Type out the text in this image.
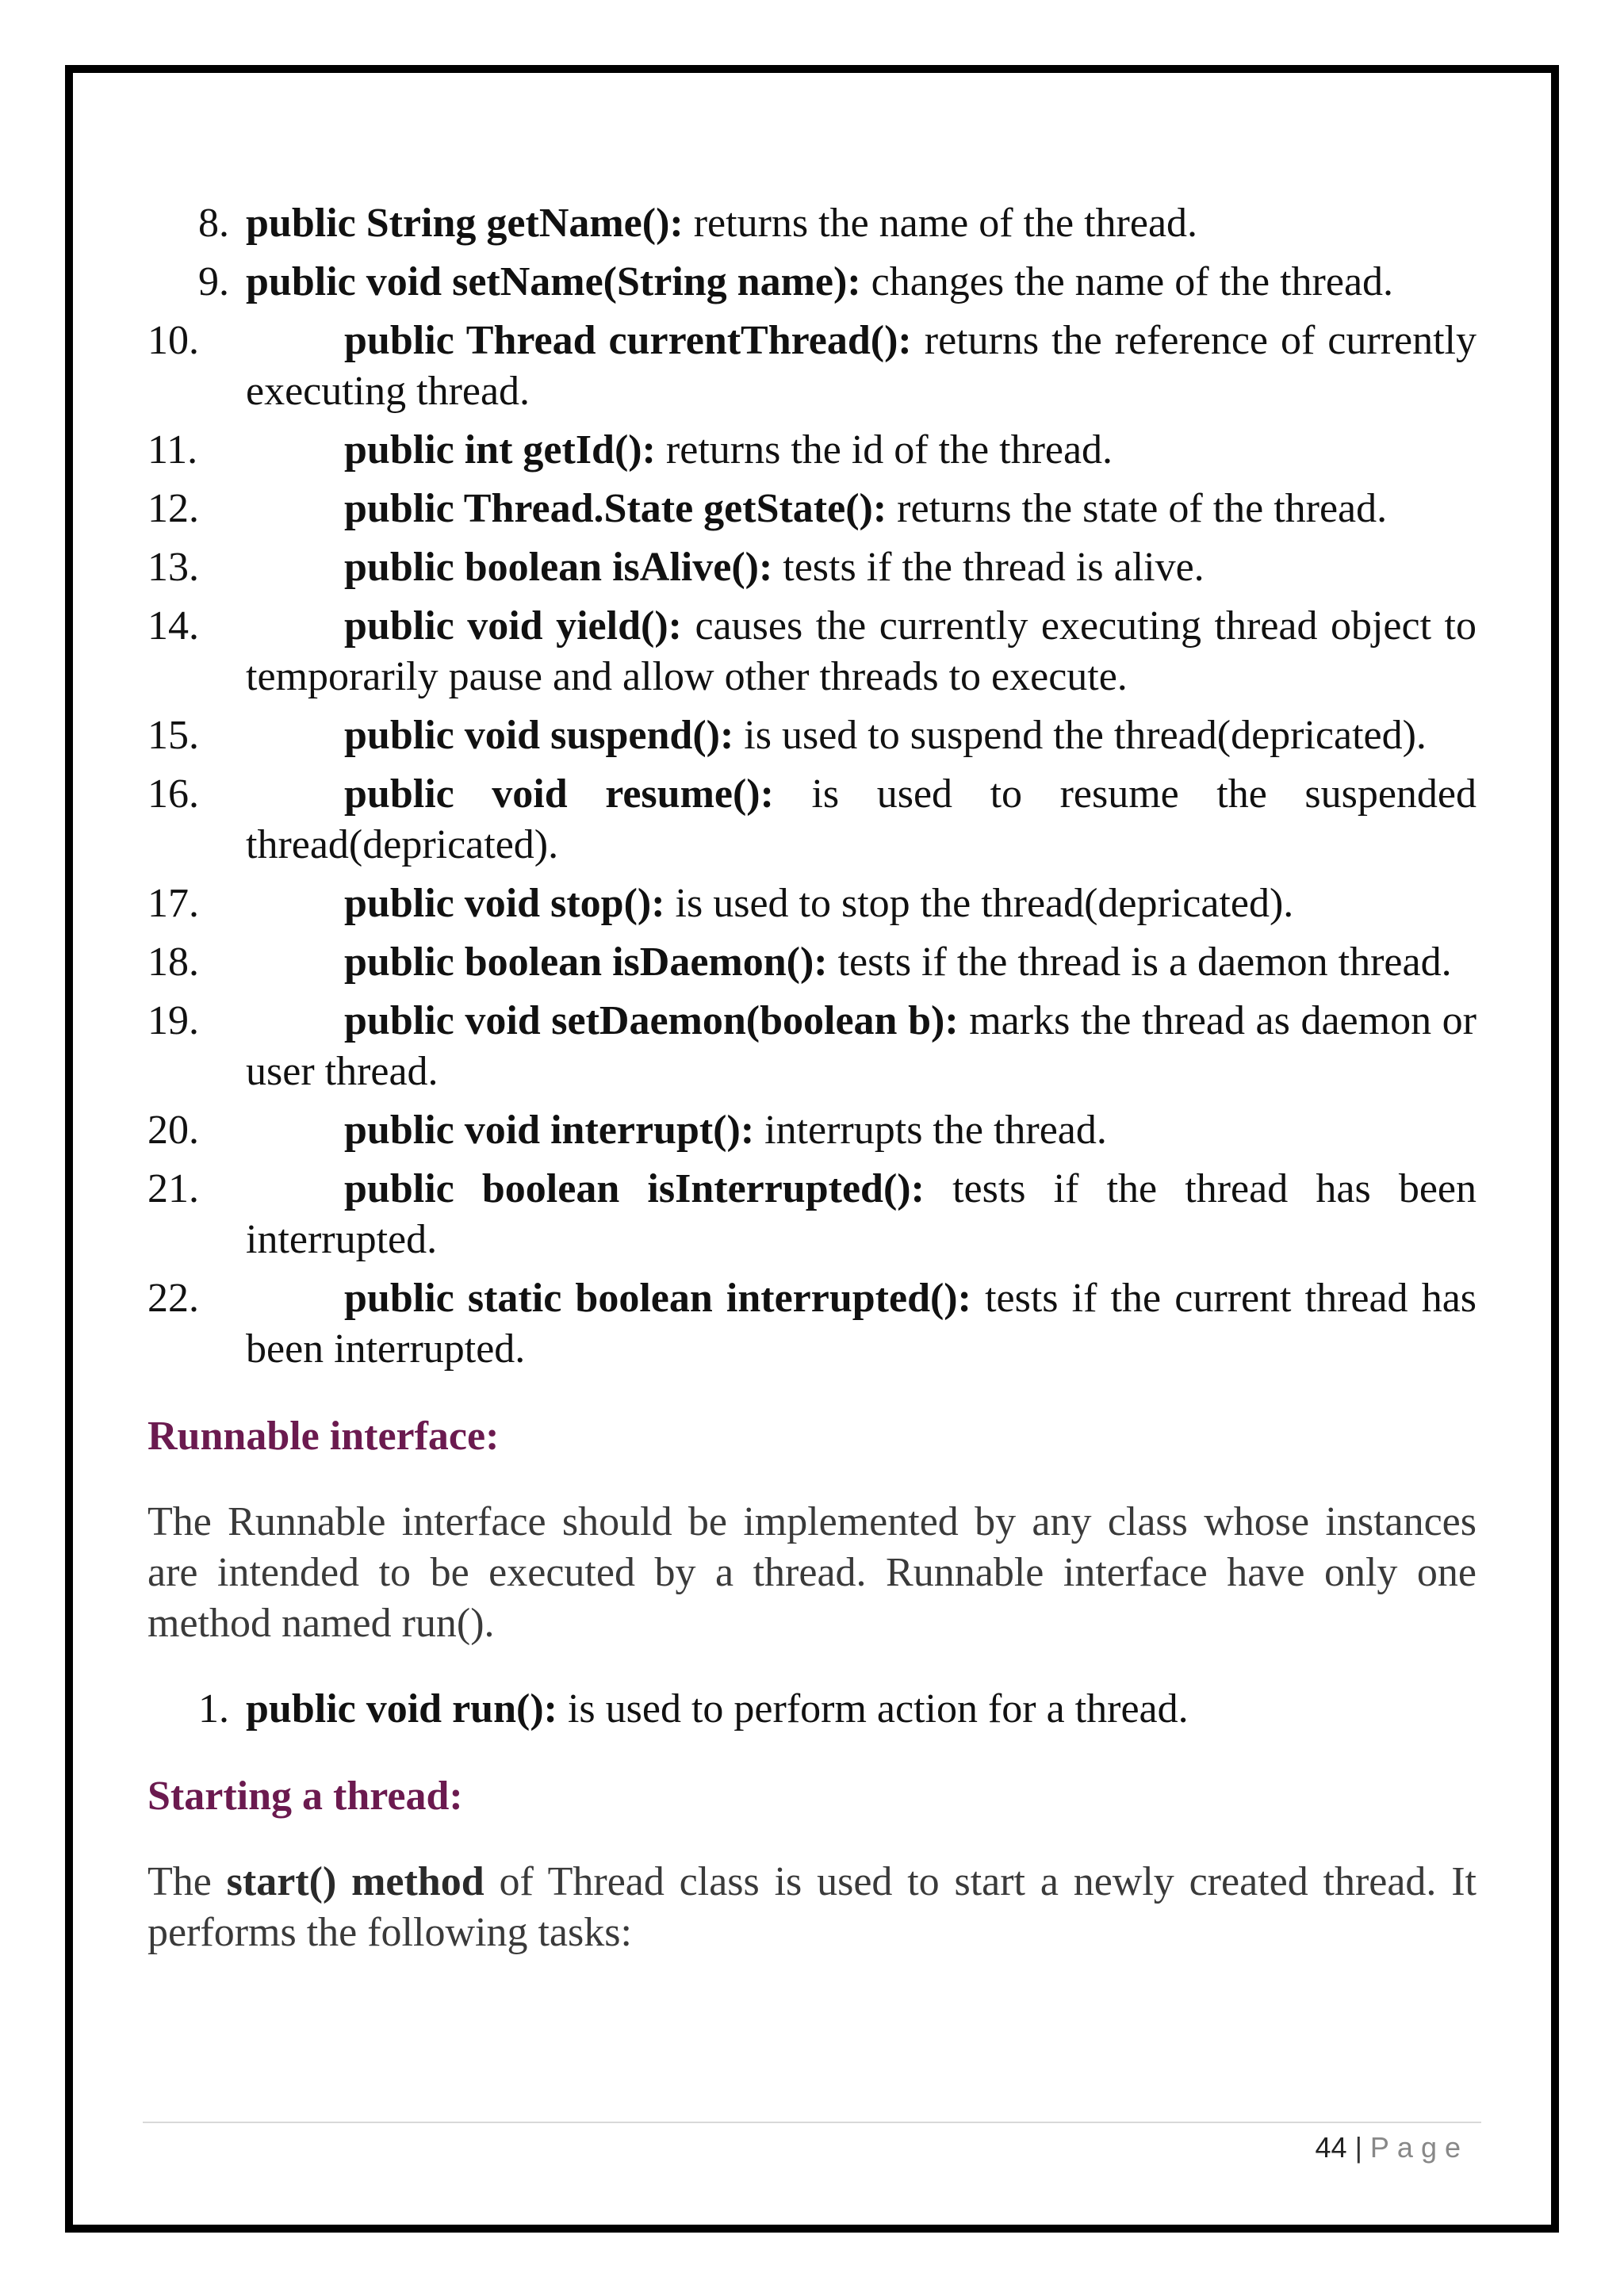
8. public String getName(): returns the name of the thread.
9. public void setName(String name): changes the name of the thread.
10.	public Thread currentThread(): returns the reference of currently executing thread.
11.	public int getId(): returns the id of the thread.
12.	public Thread.State getState(): returns the state of the thread.
13.	public boolean isAlive(): tests if the thread is alive.
14.	public void yield(): causes the currently executing thread object to temporarily pause and allow other threads to execute.
15.	public void suspend(): is used to suspend the thread(depricated).
16.	public void resume(): is used to resume the suspended thread(depricated).
17.	public void stop(): is used to stop the thread(depricated).
18.	public boolean isDaemon(): tests if the thread is a daemon thread.
19.	public void setDaemon(boolean b): marks the thread as daemon or user thread.
20.	public void interrupt(): interrupts the thread.
21.	public boolean isInterrupted(): tests if the thread has been interrupted.
22.	public static boolean interrupted(): tests if the current thread has been interrupted.
Runnable interface:

The Runnable interface should be implemented by any class whose instances are intended to be executed by a thread. Runnable interface have only one method named run().

1. public void run(): is used to perform action for a thread.
Starting a thread:

The start() method of Thread class is used to start a newly created thread. It performs the following tasks:

44 | Page
